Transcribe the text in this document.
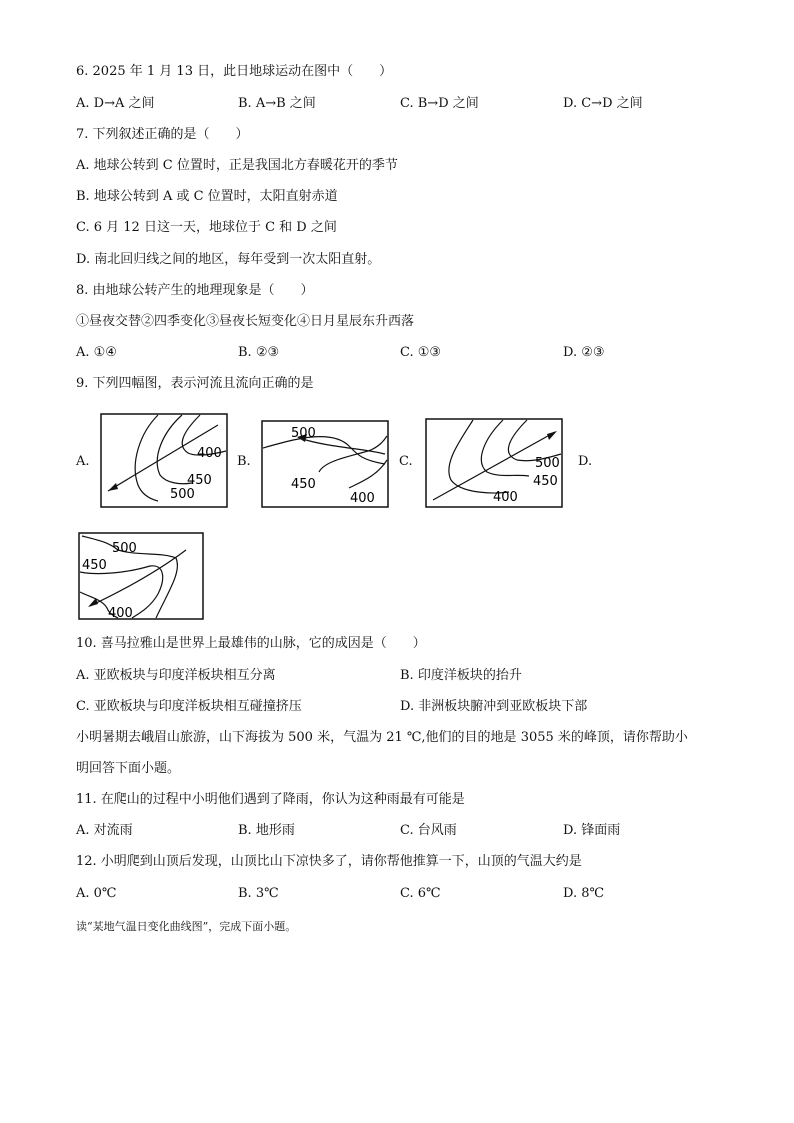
6. 2025 年 1 月 13 日，此日地球运动在图中（　　）
A. D→A 之间	B. A→B 之间	C. B→D 之间	D. C→D 之间
7. 下列叙述正确的是（　　）
A. 地球公转到 C 位置时，正是我国北方春暖花开的季节
B. 地球公转到 A 或 C 位置时，太阳直射赤道
C. 6 月 12 日这一天，地球位于 C 和 D 之间
D. 南北回归线之间的地区，每年受到一次太阳直射。
8. 由地球公转产生的地理现象是（　　）
①昼夜交替②四季变化③昼夜长短变化④日月星辰东升西落
A. ①④	B. ②③	C. ①③	D. ②③
9. 下列四幅图，表示河流且流向正确的是
A.
400
450
500
B.
500
450
400
C.	500
450
400
D.
500
450
400
10. 喜马拉雅山是世界上最雄伟的山脉，它的成因是（　　）
A. 亚欧板块与印度洋板块相互分离	B. 印度洋板块的抬升
C. 亚欧板块与印度洋板块相互碰撞挤压	D. 非洲板块腑冲到亚欧板块下部
小明暑期去峨眉山旅游，山下海拔为 500 米，气温为 21 ℃,他们的目的地是 3055 米的峰顶，请你帮助小
明回答下面小题。
11. 在爬山的过程中小明他们遇到了降雨，你认为这种雨最有可能是
A. 对流雨	B. 地形雨	C. 台风雨	D. 锋面雨
12. 小明爬到山顶后发现，山顶比山下凉快多了，请你帮他推算一下，山顶的气温大约是
A. 0℃	B. 3℃	C. 6℃	D. 8℃
读“某地气温日变化曲线图”，完成下面小题。
